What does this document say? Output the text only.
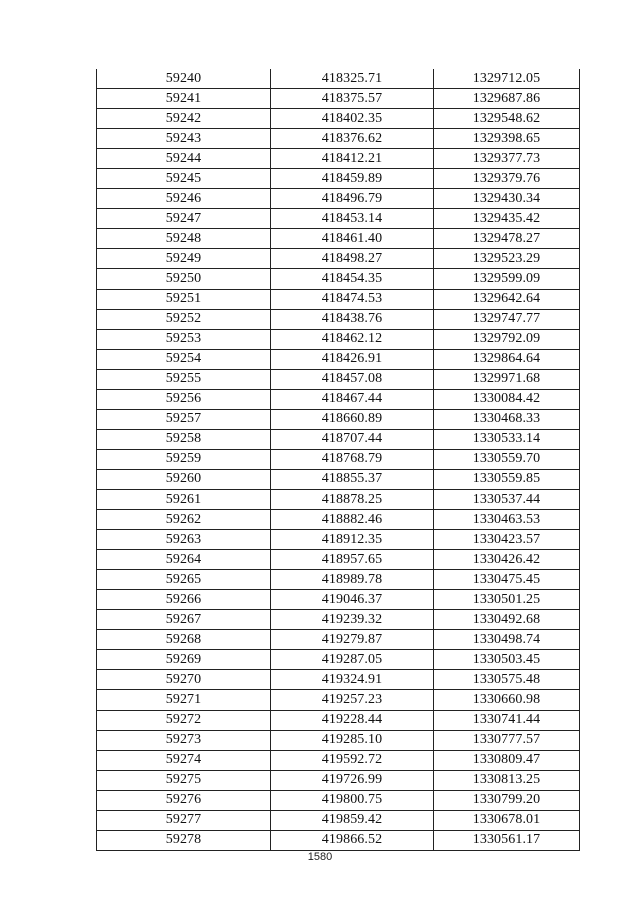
59240	418325.71	1329712.05
59241	418375.57	1329687.86
59242	418402.35	1329548.62
59243	418376.62	1329398.65
59244	418412.21	1329377.73
59245	418459.89	1329379.76
59246	418496.79	1329430.34
59247	418453.14	1329435.42
59248	418461.40	1329478.27
59249	418498.27	1329523.29
59250	418454.35	1329599.09
59251	418474.53	1329642.64
59252	418438.76	1329747.77
59253	418462.12	1329792.09
59254	418426.91	1329864.64
59255	418457.08	1329971.68
59256	418467.44	1330084.42
59257	418660.89	1330468.33
59258	418707.44	1330533.14
59259	418768.79	1330559.70
59260	418855.37	1330559.85
59261	418878.25	1330537.44
59262	418882.46	1330463.53
59263	418912.35	1330423.57
59264	418957.65	1330426.42
59265	418989.78	1330475.45
59266	419046.37	1330501.25
59267	419239.32	1330492.68
59268	419279.87	1330498.74
59269	419287.05	1330503.45
59270	419324.91	1330575.48
59271	419257.23	1330660.98
59272	419228.44	1330741.44
59273	419285.10	1330777.57
59274	419592.72	1330809.47
59275	419726.99	1330813.25
59276	419800.75	1330799.20
59277	419859.42	1330678.01
59278	419866.52	1330561.17
1580
